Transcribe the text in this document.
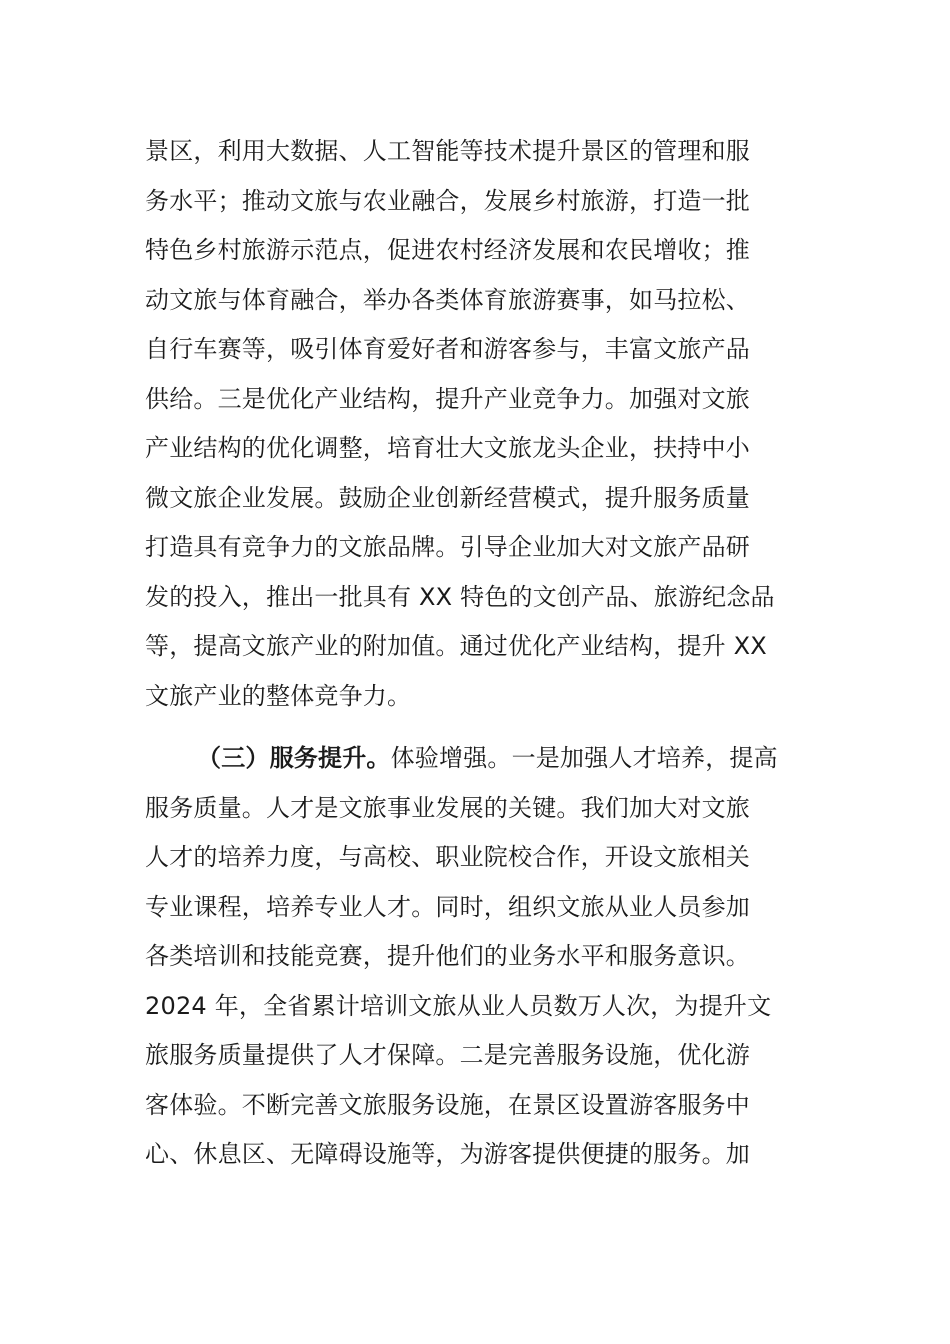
景区，利用大数据、人工智能等技术提升景区的管理和服
务水平；推动文旅与农业融合，发展乡村旅游，打造一批
特色乡村旅游示范点，促进农村经济发展和农民增收；推
动文旅与体育融合，举办各类体育旅游赛事，如马拉松、
自行车赛等，吸引体育爱好者和游客参与，丰富文旅产品
供给。三是优化产业结构，提升产业竞争力。加强对文旅
产业结构的优化调整，培育壮大文旅龙头企业，扶持中小
微文旅企业发展。鼓励企业创新经营模式，提升服务质量
打造具有竞争力的文旅品牌。引导企业加大对文旅产品研
发的投入，推出一批具有 XX 特色的文创产品、旅游纪念品
等，提高文旅产业的附加值。通过优化产业结构，提升 XX
文旅产业的整体竞争力。
（三）服务提升。体验增强。一是加强人才培养，提高
服务质量。人才是文旅事业发展的关键。我们加大对文旅
人才的培养力度，与高校、职业院校合作，开设文旅相关
专业课程，培养专业人才。同时，组织文旅从业人员参加
各类培训和技能竞赛，提升他们的业务水平和服务意识。
2024 年，全省累计培训文旅从业人员数万人次，为提升文
旅服务质量提供了人才保障。二是完善服务设施，优化游
客体验。不断完善文旅服务设施，在景区设置游客服务中
心、休息区、无障碍设施等，为游客提供便捷的服务。加
